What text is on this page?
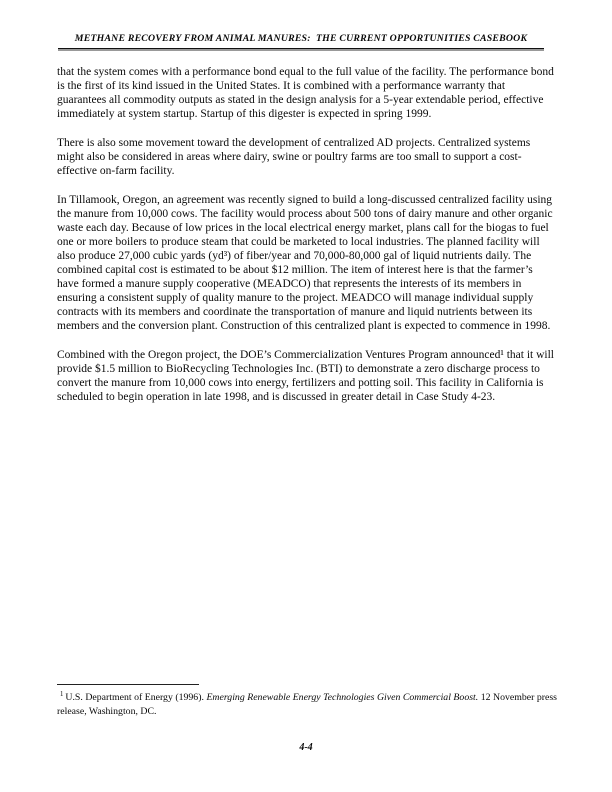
METHANE RECOVERY FROM ANIMAL MANURES:  THE CURRENT OPPORTUNITIES CASEBOOK

that the system comes with a performance bond equal to the full value of the facility. The performance bond is the first of its kind issued in the United States. It is combined with a performance warranty that guarantees all commodity outputs as stated in the design analysis for a 5-year extendable period, effective immediately at system startup. Startup of this digester is expected in spring 1999.

There is also some movement toward the development of centralized AD projects. Centralized systems might also be considered in areas where dairy, swine or poultry farms are too small to support a cost-effective on-farm facility.

In Tillamook, Oregon, an agreement was recently signed to build a long-discussed centralized facility using the manure from 10,000 cows. The facility would process about 500 tons of dairy manure and other organic waste each day. Because of low prices in the local electrical energy market, plans call for the biogas to fuel one or more boilers to produce steam that could be marketed to local industries. The planned facility will also produce 27,000 cubic yards (yd³) of fiber/year and 70,000-80,000 gal of liquid nutrients daily. The combined capital cost is estimated to be about $12 million. The item of interest here is that the farmer’s have formed a manure supply cooperative (MEADCO) that represents the interests of its members in ensuring a consistent supply of quality manure to the project. MEADCO will manage individual supply contracts with its members and coordinate the transportation of manure and liquid nutrients between its members and the conversion plant. Construction of this centralized plant is expected to commence in 1998.

Combined with the Oregon project, the DOE’s Commercialization Ventures Program announced¹ that it will provide $1.5 million to BioRecycling Technologies Inc. (BTI) to demonstrate a zero discharge process to convert the manure from 10,000 cows into energy, fertilizers and potting soil. This facility in California is scheduled to begin operation in late 1998, and is discussed in greater detail in Case Study 4-23.

$^1$ U.S. Department of Energy (1996). Emerging Renewable Energy Technologies Given Commercial Boost. 12 November press release, Washington, DC.

4-4
